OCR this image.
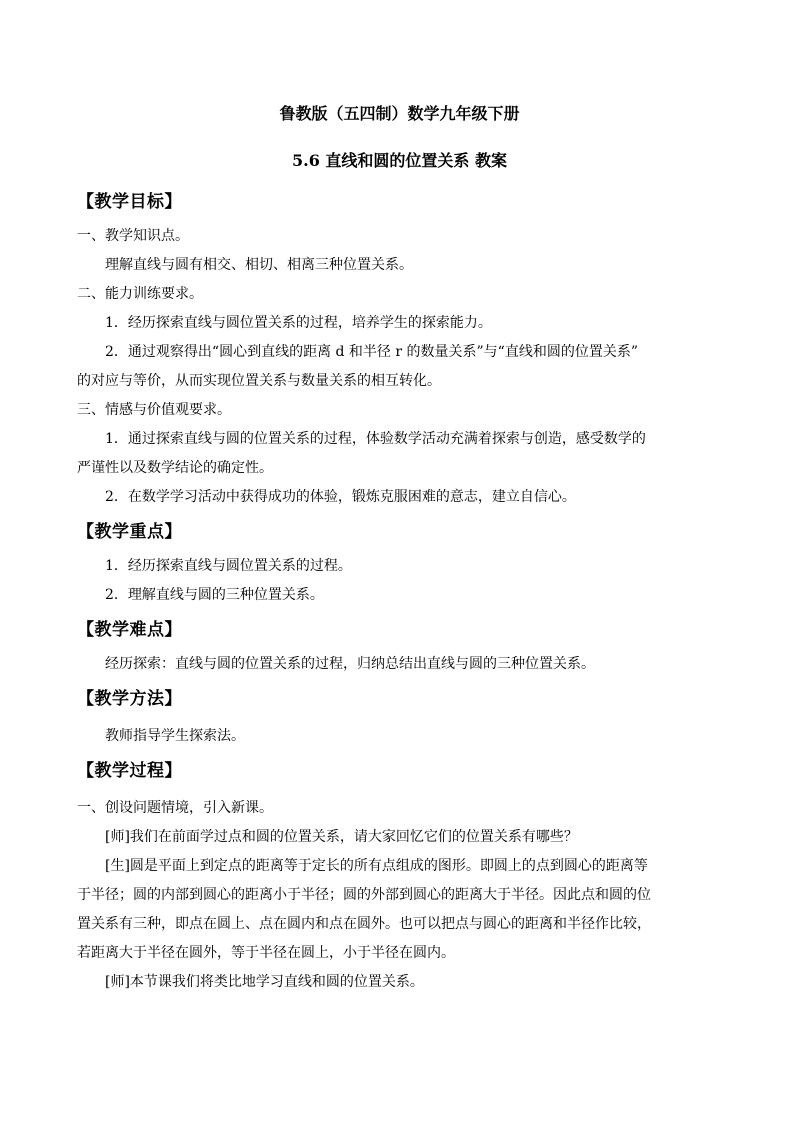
鲁教版（五四制）数学九年级下册
5.6 直线和圆的位置关系 教案
【教学目标】
一、教学知识点。
理解直线与圆有相交、相切、相离三种位置关系。
二、能力训练要求。
1．经历探索直线与圆位置关系的过程，培养学生的探索能力。
2．通过观察得出“圆心到直线的距离 d 和半径 r 的数量关系”与“直线和圆的位置关系”
的对应与等价，从而实现位置关系与数量关系的相互转化。
三、情感与价值观要求。
1．通过探索直线与圆的位置关系的过程，体验数学活动充满着探索与创造，感受数学的
严谨性以及数学结论的确定性。
2．在数学学习活动中获得成功的体验，锻炼克服困难的意志，建立自信心。
【教学重点】
1．经历探索直线与圆位置关系的过程。
2．理解直线与圆的三种位置关系。
【教学难点】
经历探索：直线与圆的位置关系的过程，归纳总结出直线与圆的三种位置关系。
【教学方法】
教师指导学生探索法。
【教学过程】
一、创设问题情境，引入新课。
[师]我们在前面学过点和圆的位置关系，请大家回忆它们的位置关系有哪些？
[生]圆是平面上到定点的距离等于定长的所有点组成的图形。即圆上的点到圆心的距离等
于半径；圆的内部到圆心的距离小于半径；圆的外部到圆心的距离大于半径。因此点和圆的位
置关系有三种，即点在圆上、点在圆内和点在圆外。也可以把点与圆心的距离和半径作比较，
若距离大于半径在圆外，等于半径在圆上，小于半径在圆内。
[师]本节课我们将类比地学习直线和圆的位置关系。
